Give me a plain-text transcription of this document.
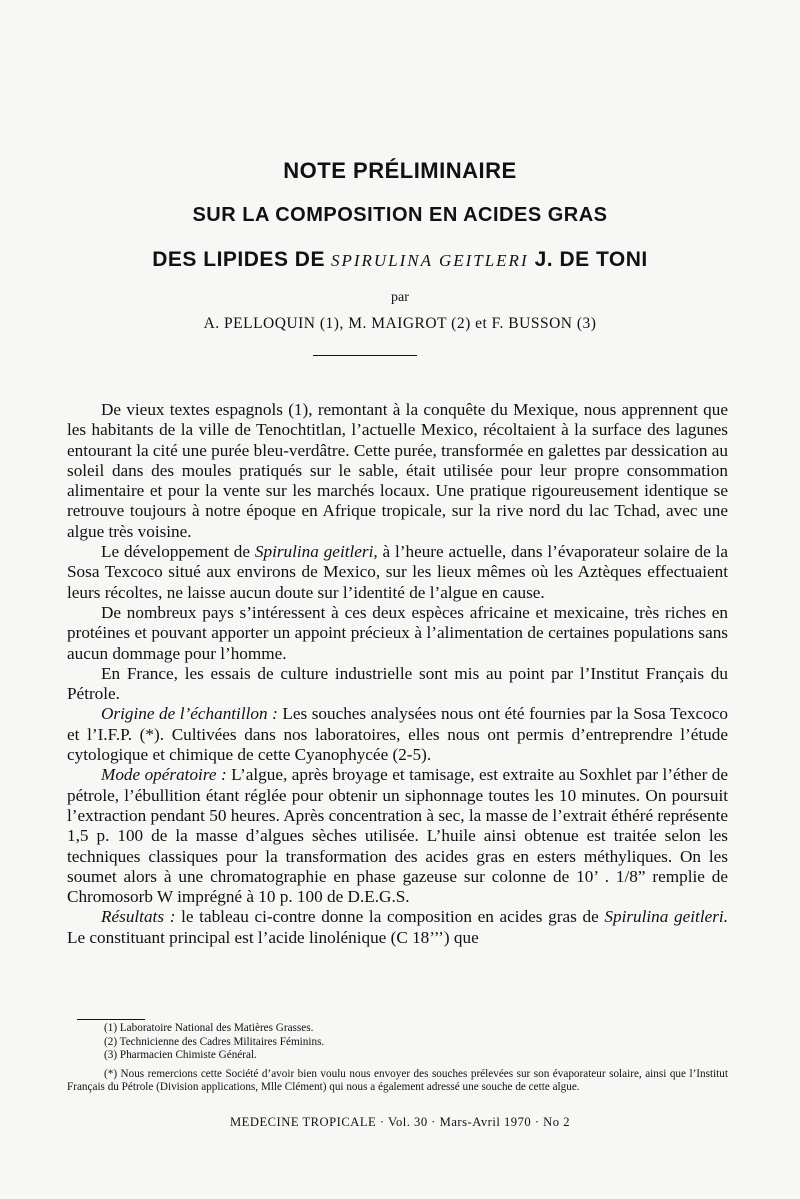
NOTE PRÉLIMINAIRE
SUR LA COMPOSITION EN ACIDES GRAS
DES LIPIDES DE SPIRULINA GEITLERI J. DE TONI
par
A. PELLOQUIN (1), M. MAIGROT (2) et F. BUSSON (3)

De vieux textes espagnols (1), remontant à la conquête du Mexique, nous apprennent que les habitants de la ville de Tenochtitlan, l’actuelle Mexico, récoltaient à la surface des lagunes entourant la cité une purée bleu-verdâtre. Cette purée, transformée en galettes par dessication au soleil dans des moules pratiqués sur le sable, était utilisée pour leur propre consommation alimentaire et pour la vente sur les marchés locaux. Une pratique rigoureusement identique se retrouve toujours à notre époque en Afrique tropicale, sur la rive nord du lac Tchad, avec une algue très voisine.

Le développement de Spirulina geitleri, à l’heure actuelle, dans l’évaporateur solaire de la Sosa Texcoco situé aux environs de Mexico, sur les lieux mêmes où les Aztèques effectuaient leurs récoltes, ne laisse aucun doute sur l’identité de l’algue en cause.

De nombreux pays s’intéressent à ces deux espèces africaine et mexicaine, très riches en protéines et pouvant apporter un appoint précieux à l’alimentation de certaines populations sans aucun dommage pour l’homme.

En France, les essais de culture industrielle sont mis au point par l’Institut Français du Pétrole.

Origine de l’échantillon : Les souches analysées nous ont été fournies par la Sosa Texcoco et l’I.F.P. (*). Cultivées dans nos laboratoires, elles nous ont permis d’entreprendre l’étude cytologique et chimique de cette Cyanophycée (2-5).

Mode opératoire : L’algue, après broyage et tamisage, est extraite au Soxhlet par l’éther de pétrole, l’ébullition étant réglée pour obtenir un siphonnage toutes les 10 minutes. On poursuit l’extraction pendant 50 heures. Après concentration à sec, la masse de l’extrait éthéré représente 1,5 p. 100 de la masse d’algues sèches utilisée. L’huile ainsi obtenue est traitée selon les techniques classiques pour la transformation des acides gras en esters méthyliques. On les soumet alors à une chromatographie en phase gazeuse sur colonne de 10’ . 1/8” remplie de Chromosorb W imprégné à 10 p. 100 de D.E.G.S.

Résultats : le tableau ci-contre donne la composition en acides gras de Spirulina geitleri. Le constituant principal est l’acide linolénique (C 18’’’) que

(1) Laboratoire National des Matières Grasses.
(2) Technicienne des Cadres Militaires Féminins.
(3) Pharmacien Chimiste Général.
(*) Nous remercions cette Société d’avoir bien voulu nous envoyer des souches prélevées sur son évaporateur solaire, ainsi que l’Institut Français du Pétrole (Division applications, Mlle Clément) qui nous a également adressé une souche de cette algue.
MEDECINE TROPICALE · Vol. 30 · Mars-Avril 1970 · No 2
